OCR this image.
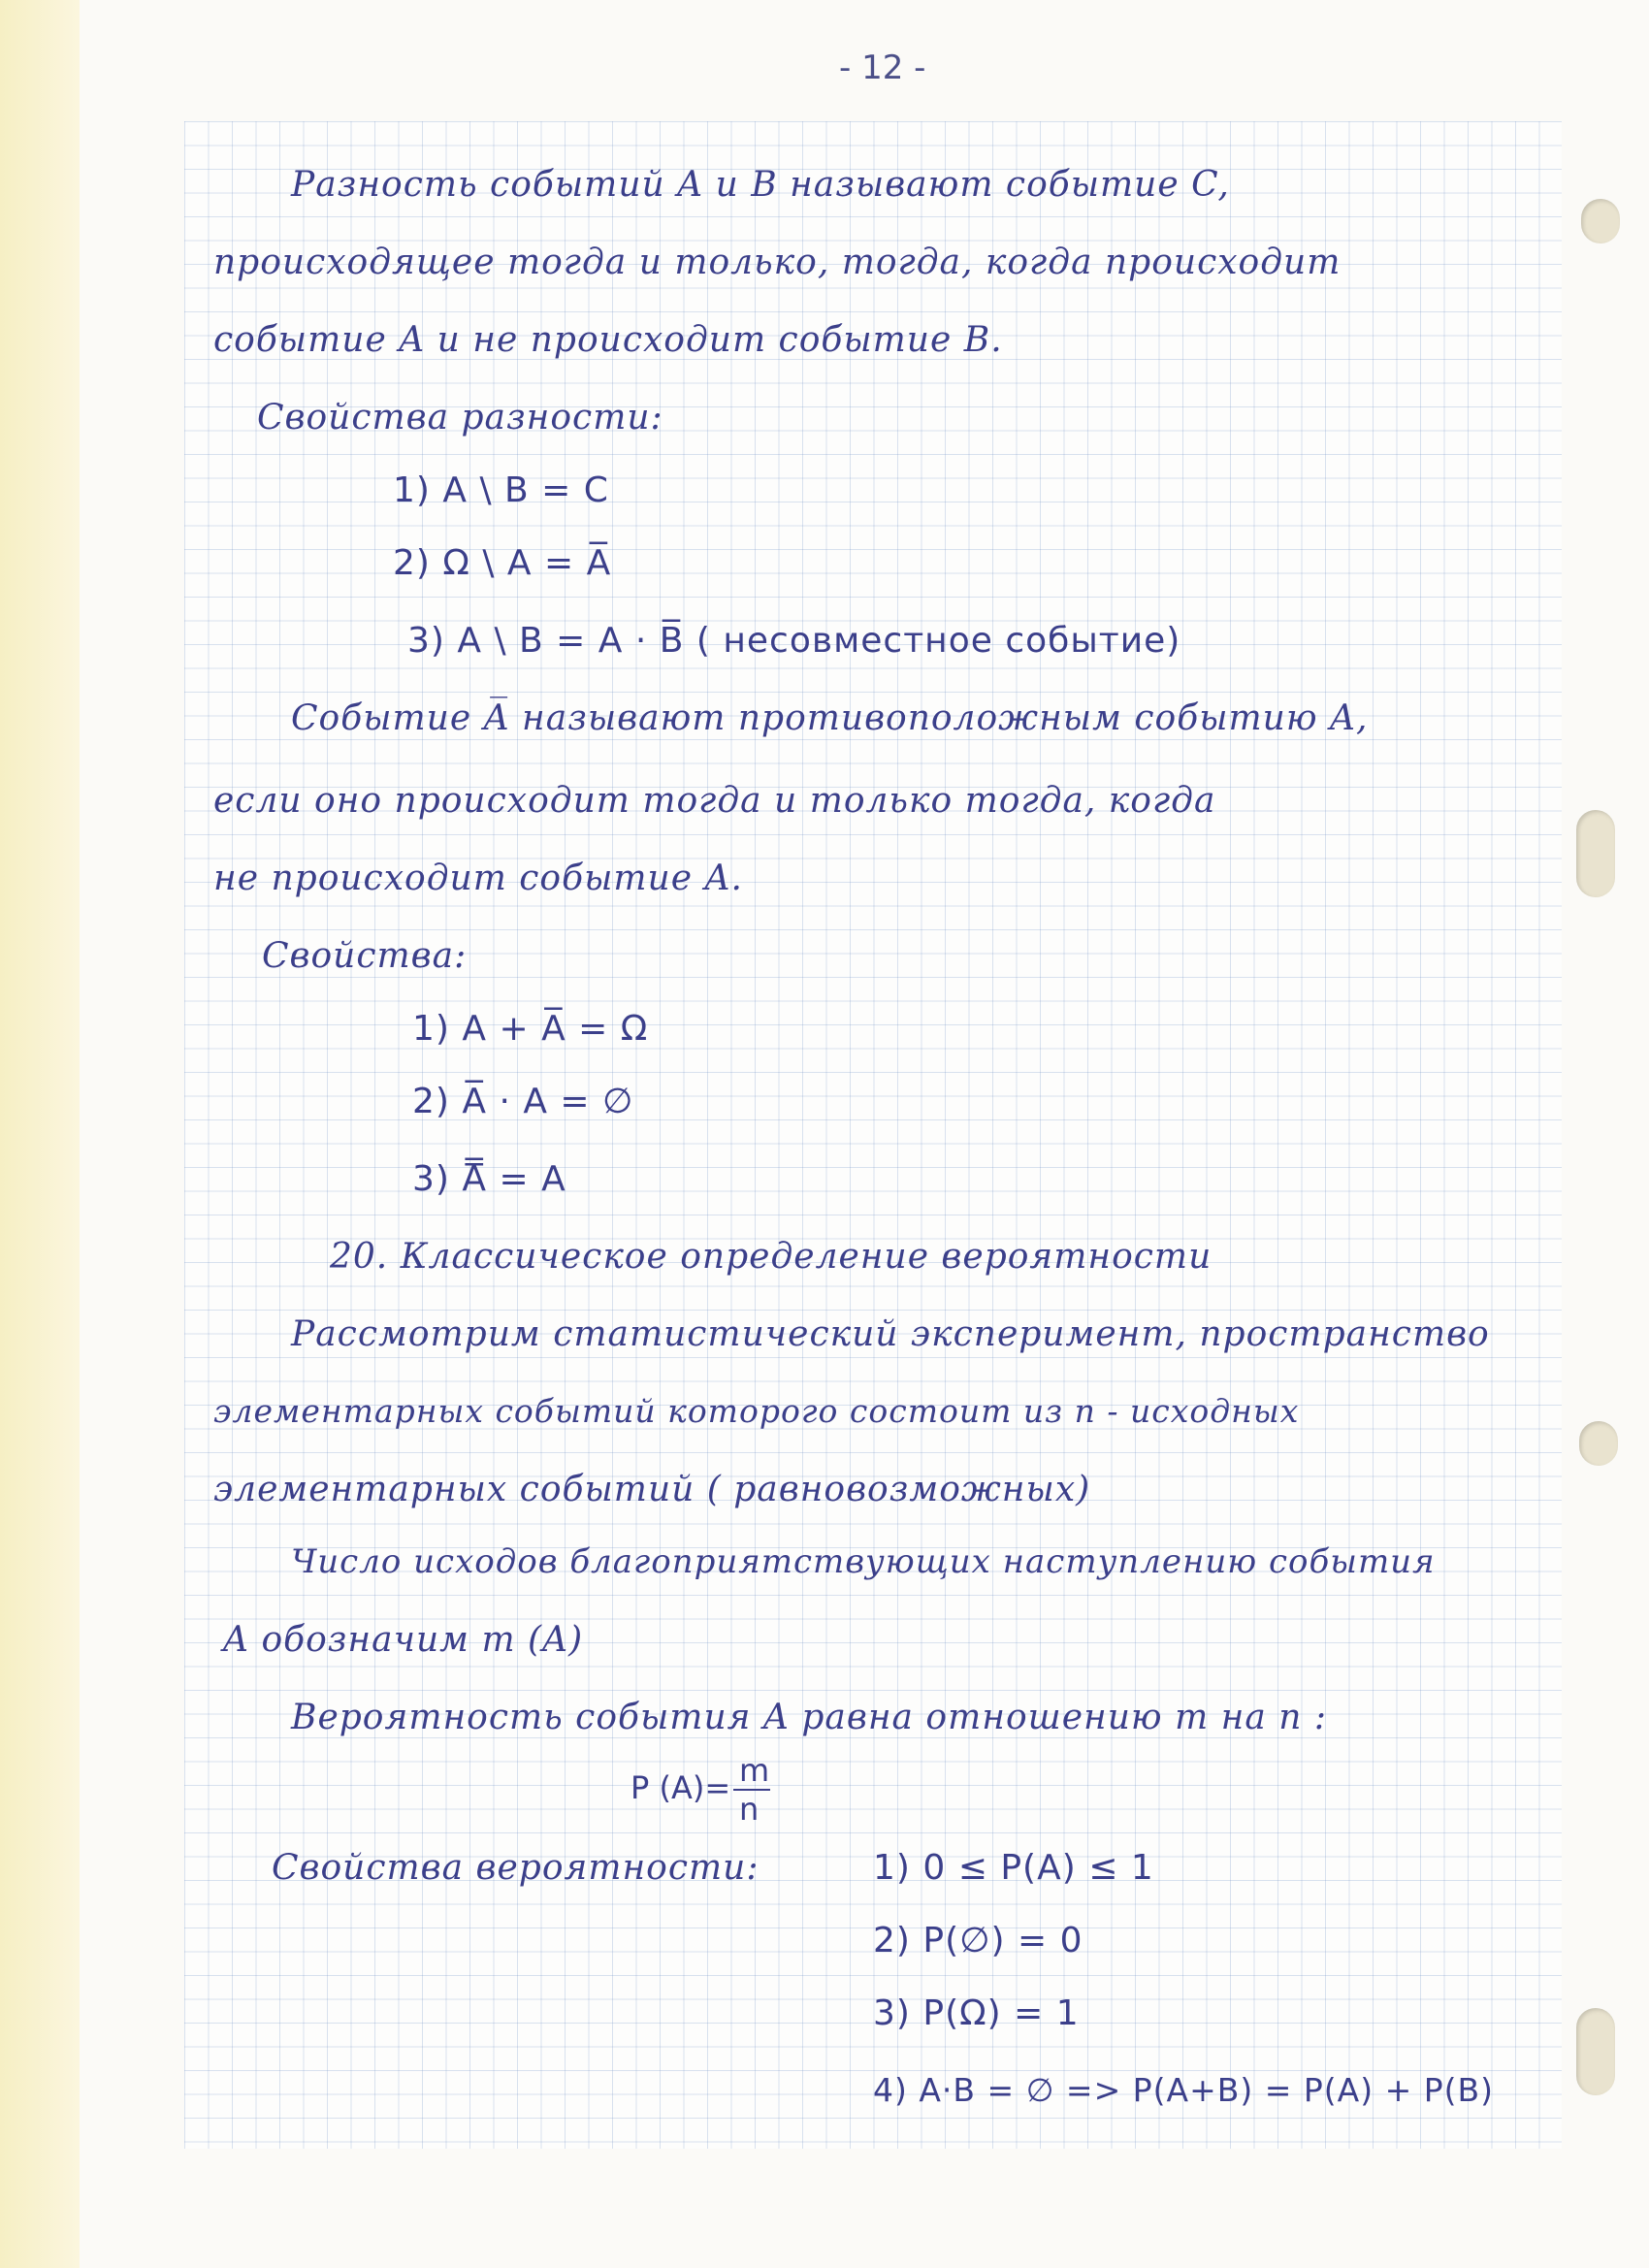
- 12 -
Разность событий A и B называют событие C,
происходящее тогда и только, тогда, когда происходит
событие A и не происходит событие B.
Свойства разности:
1) A \ B = C
2) Ω \ A = A̅
3) A \ B = A · B̅ ( несовместное событие)
Событие A̅ называют противоположным событию A,
если оно происходит тогда и только тогда, когда
не происходит событие A.
Свойства:
1) A + A̅ = Ω
2) A̅ · A = ∅
3) A̿ = A
20. Классическое определение вероятности
Рассмотрим статистический эксперимент, пространство
элементарных событий которого состоит из n - исходных
элементарных событий ( равновозможных)
Число исходов благоприятствующих наступлению события
A обозначим m (A)
Вероятность события A равна отношению m на n :
P (A)= m
n
Свойства вероятности:	1) 0 ≤ P(A) ≤ 1
2) P(∅) = 0
3) P(Ω) = 1
4) A·B = ∅ => P(A+B) = P(A) + P(B)
